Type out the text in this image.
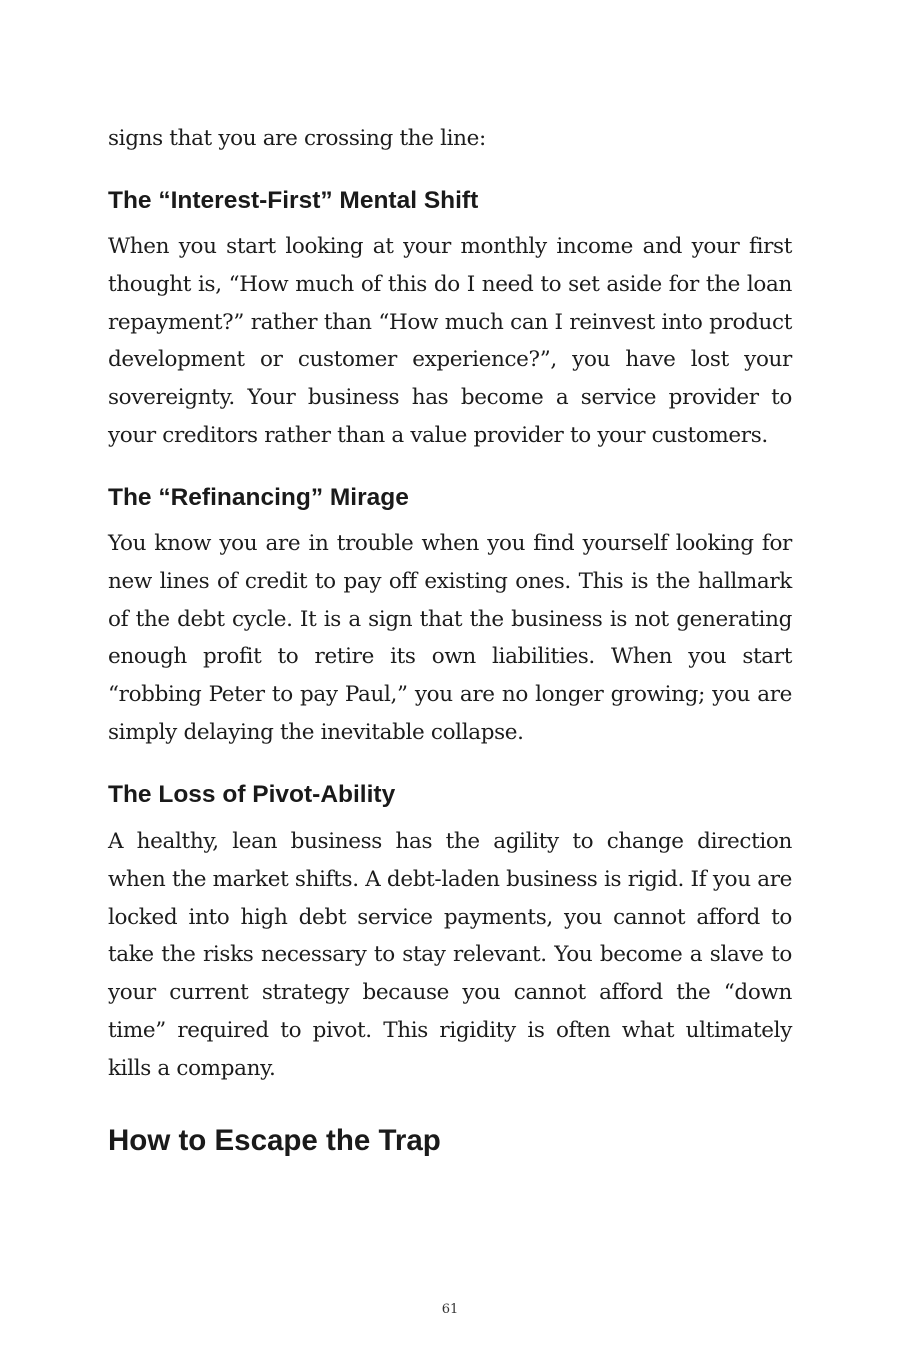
signs that you are crossing the line:

The “Interest-First” Mental Shift

When you start looking at your monthly income and your first thought is, “How much of this do I need to set aside for the loan repayment?” rather than “How much can I reinvest into product development or customer experience?”, you have lost your sovereignty. Your business has become a service provider to your creditors rather than a value provider to your customers.

The “Refinancing” Mirage

You know you are in trouble when you find yourself looking for new lines of credit to pay off existing ones. This is the hallmark of the debt cycle. It is a sign that the business is not generating enough profit to retire its own liabilities. When you start “robbing Peter to pay Paul,” you are no longer growing; you are simply delaying the inevitable collapse.

The Loss of Pivot-Ability

A healthy, lean business has the agility to change direction when the market shifts. A debt-laden business is rigid. If you are locked into high debt service payments, you cannot afford to take the risks necessary to stay relevant. You become a slave to your current strategy because you cannot afford the “down time” required to pivot. This rigidity is often what ultimately kills a company.

How to Escape the Trap
61
